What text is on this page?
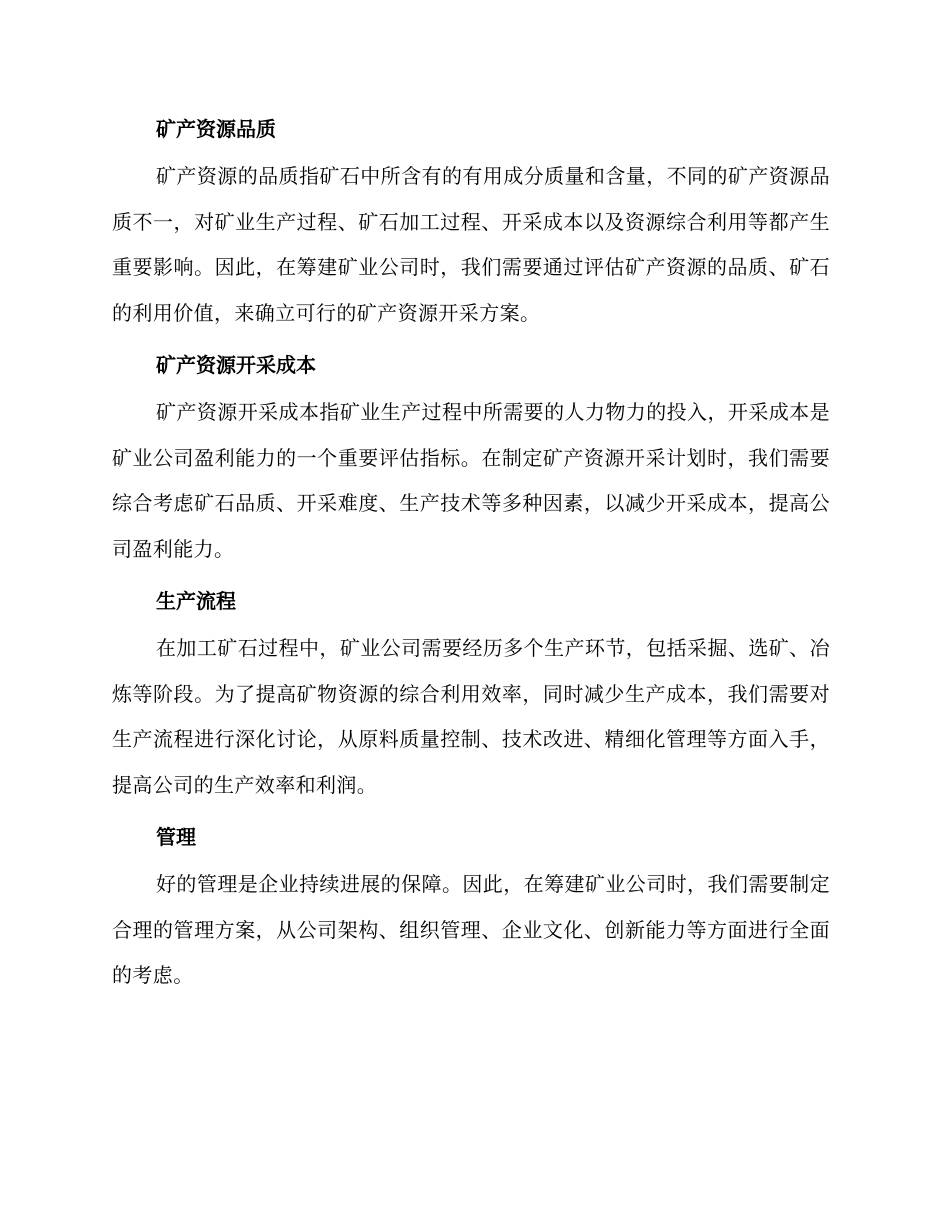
矿产资源品质

矿产资源的品质指矿石中所含有的有用成分质量和含量，不同的矿产资源品质不一，对矿业生产过程、矿石加工过程、开采成本以及资源综合利用等都产生重要影响。因此，在筹建矿业公司时，我们需要通过评估矿产资源的品质、矿石的利用价值，来确立可行的矿产资源开采方案。

矿产资源开采成本

矿产资源开采成本指矿业生产过程中所需要的人力物力的投入，开采成本是矿业公司盈利能力的一个重要评估指标。在制定矿产资源开采计划时，我们需要综合考虑矿石品质、开采难度、生产技术等多种因素，以减少开采成本，提高公司盈利能力。

生产流程

在加工矿石过程中，矿业公司需要经历多个生产环节，包括采掘、选矿、冶炼等阶段。为了提高矿物资源的综合利用效率，同时减少生产成本，我们需要对生产流程进行深化讨论，从原料质量控制、技术改进、精细化管理等方面入手，提高公司的生产效率和利润。

管理

好的管理是企业持续进展的保障。因此，在筹建矿业公司时，我们需要制定合理的管理方案，从公司架构、组织管理、企业文化、创新能力等方面进行全面的考虑。
